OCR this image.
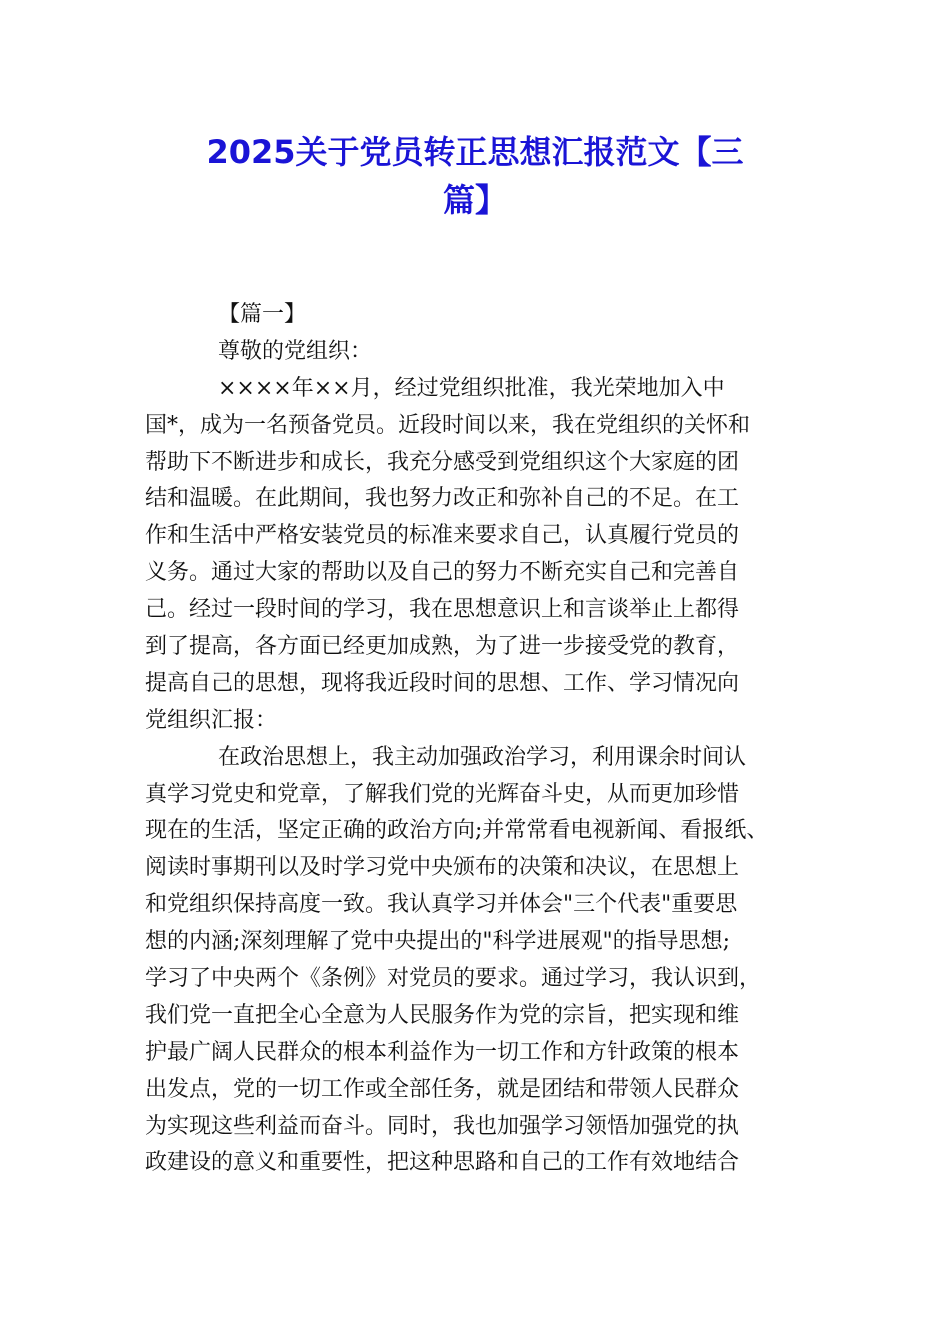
2025关于党员转正思想汇报范文【三
篇】
【篇一】
尊敬的党组织：
××××年××月，经过党组织批准，我光荣地加入中
国*，成为一名预备党员。近段时间以来，我在党组织的关怀和
帮助下不断进步和成长，我充分感受到党组织这个大家庭的团
结和温暖。在此期间，我也努力改正和弥补自己的不足。在工
作和生活中严格安装党员的标准来要求自己，认真履行党员的
义务。通过大家的帮助以及自己的努力不断充实自己和完善自
己。经过一段时间的学习，我在思想意识上和言谈举止上都得
到了提高，各方面已经更加成熟，为了进一步接受党的教育，
提高自己的思想，现将我近段时间的思想、工作、学习情况向
党组织汇报：
在政治思想上，我主动加强政治学习，利用课余时间认
真学习党史和党章，了解我们党的光辉奋斗史，从而更加珍惜
现在的生活，坚定正确的政治方向;并常常看电视新闻、看报纸、
阅读时事期刊以及时学习党中央颁布的决策和决议，在思想上
和党组织保持高度一致。我认真学习并体会"三个代表"重要思
想的内涵;深刻理解了党中央提出的"科学进展观"的指导思想;
学习了中央两个《条例》对党员的要求。通过学习，我认识到，
我们党一直把全心全意为人民服务作为党的宗旨，把实现和维
护最广阔人民群众的根本利益作为一切工作和方针政策的根本
出发点，党的一切工作或全部任务，就是团结和带领人民群众
为实现这些利益而奋斗。同时，我也加强学习领悟加强党的执
政建设的意义和重要性，把这种思路和自己的工作有效地结合
